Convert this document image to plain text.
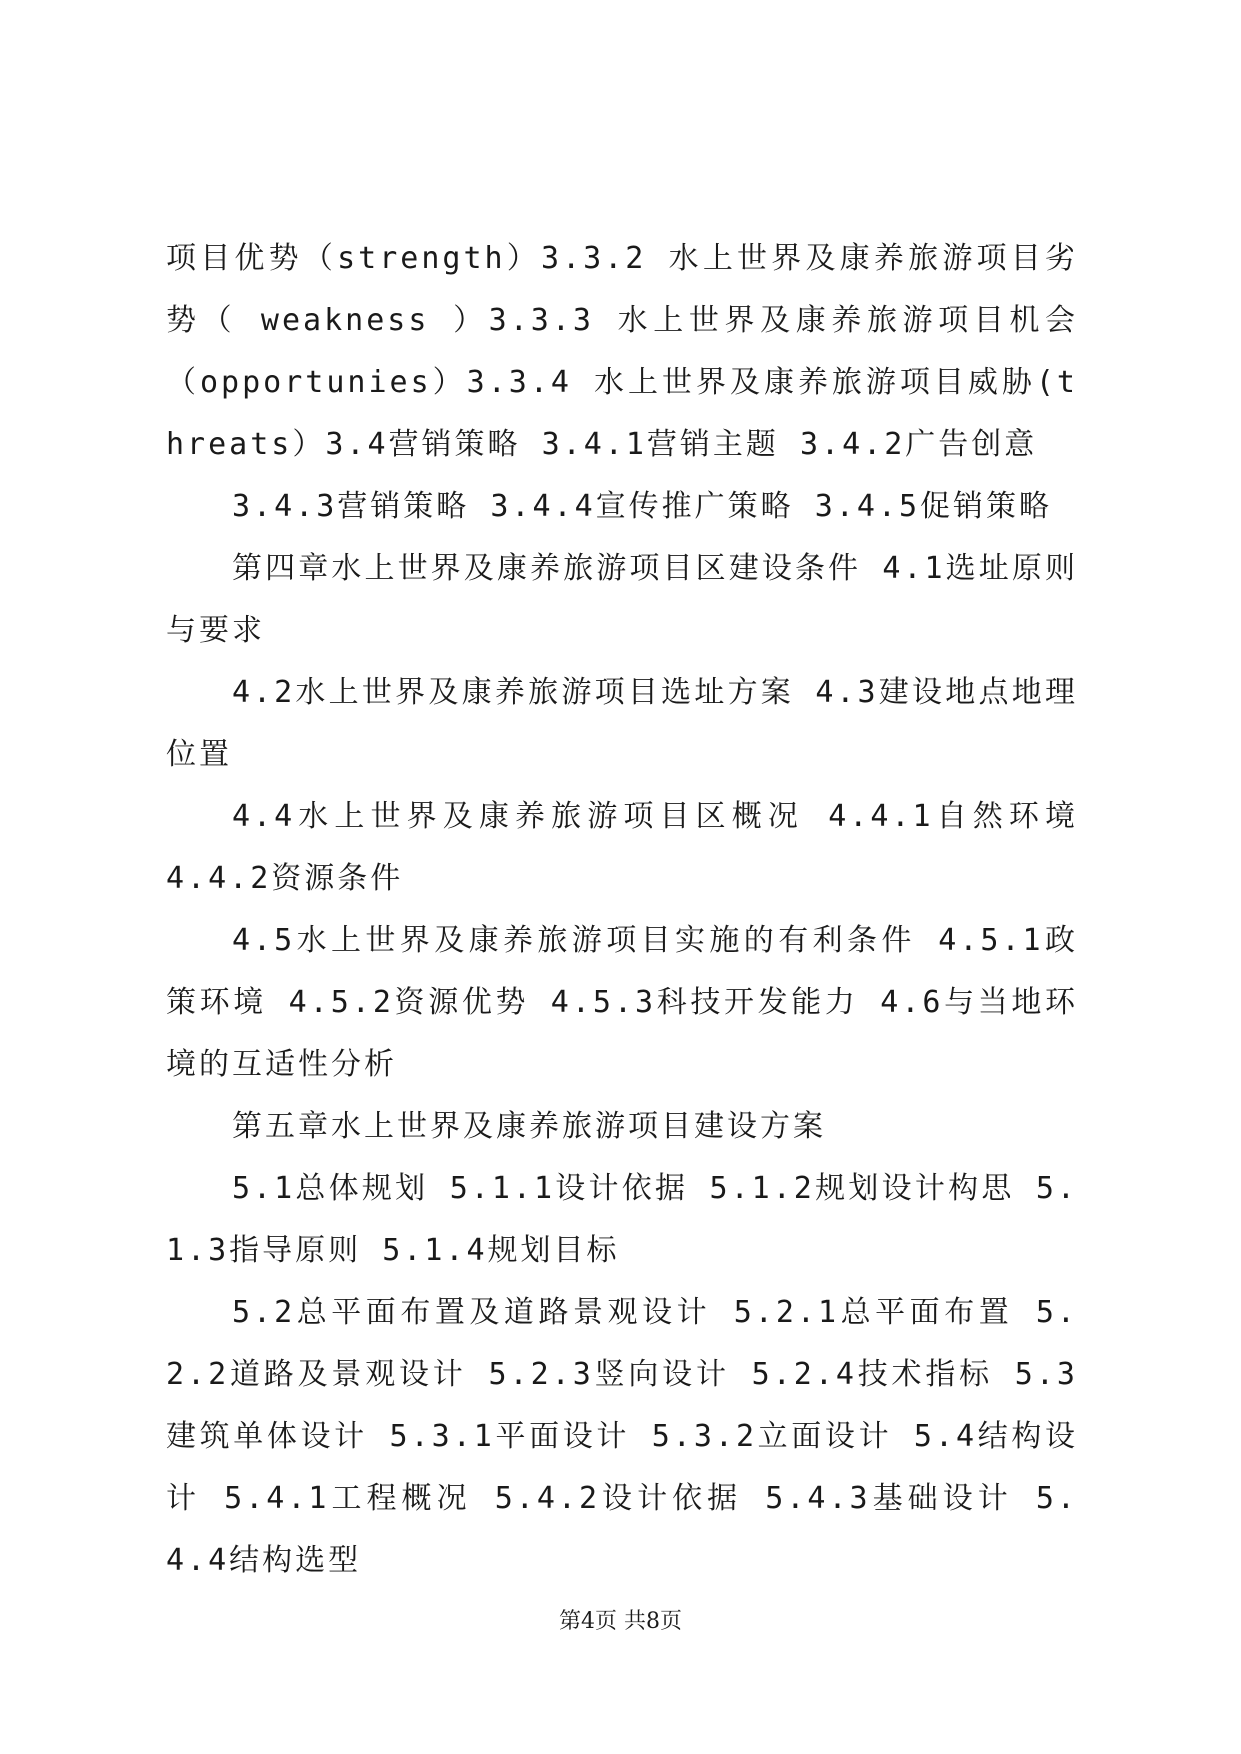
项目优势（strength）3.3.2 水上世界及康养旅游项目劣势（ weakness ）3.3.3 水上世界及康养旅游项目机会（opportunies）3.3.4 水上世界及康养旅游项目威胁(threats）3.4营销策略 3.4.1营销主题 3.4.2广告创意

3.4.3营销策略 3.4.4宣传推广策略 3.4.5促销策略

第四章水上世界及康养旅游项目区建设条件 4.1选址原则与要求

4.2水上世界及康养旅游项目选址方案 4.3建设地点地理位置

4.4水上世界及康养旅游项目区概况 4.4.1自然环境 4.4.2资源条件

4.5水上世界及康养旅游项目实施的有利条件 4.5.1政策环境 4.5.2资源优势 4.5.3科技开发能力 4.6与当地环境的互适性分析

第五章水上世界及康养旅游项目建设方案

5.1总体规划 5.1.1设计依据 5.1.2规划设计构思 5.1.3指导原则 5.1.4规划目标

5.2总平面布置及道路景观设计 5.2.1总平面布置 5.2.2道路及景观设计 5.2.3竖向设计 5.2.4技术指标 5.3建筑单体设计 5.3.1平面设计 5.3.2立面设计 5.4结构设计 5.4.1工程概况 5.4.2设计依据 5.4.3基础设计 5.4.4结构选型

第4页 共8页
